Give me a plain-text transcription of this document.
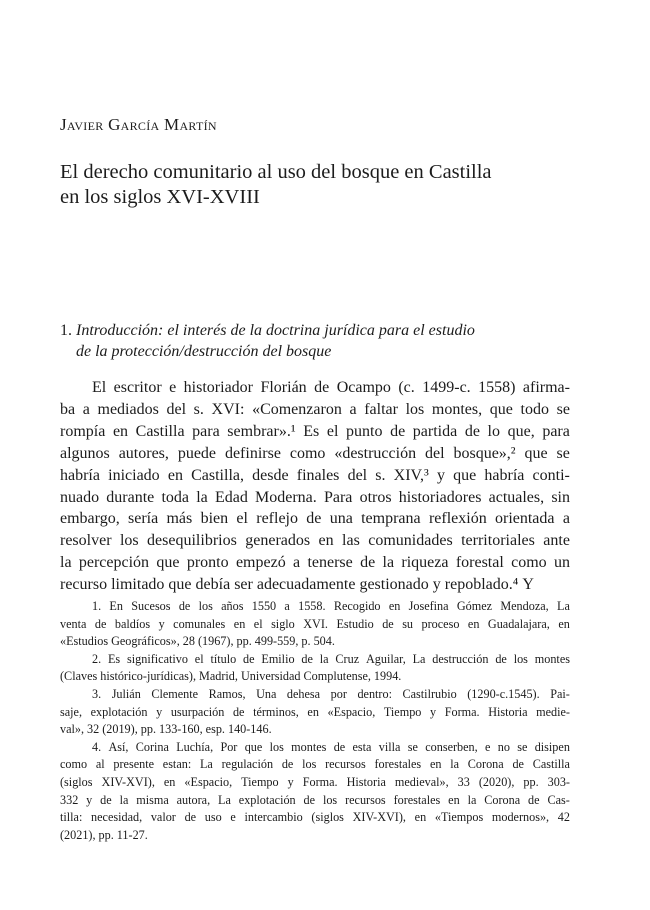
Javier García Martín
El derecho comunitario al uso del bosque en Castilla
en los siglos XVI-XVIII
1. Introducción: el interés de la doctrina jurídica para el estudio
de la protección/destrucción del bosque
El escritor e historiador Florián de Ocampo (c. 1499-c. 1558) afirma-
ba a mediados del s. XVI: «Comenzaron a faltar los montes, que todo se
rompía en Castilla para sembrar».¹ Es el punto de partida de lo que, para
algunos autores, puede definirse como «destrucción del bosque»,² que se
habría iniciado en Castilla, desde finales del s. XIV,³ y que habría conti-
nuado durante toda la Edad Moderna. Para otros historiadores actuales, sin
embargo, sería más bien el reflejo de una temprana reflexión orientada a
resolver los desequilibrios generados en las comunidades territoriales ante
la percepción que pronto empezó a tenerse de la riqueza forestal como un
recurso limitado que debía ser adecuadamente gestionado y repoblado.⁴ Y
1. En Sucesos de los años 1550 a 1558. Recogido en Josefina Gómez Mendoza, La
venta de baldíos y comunales en el siglo XVI. Estudio de su proceso en Guadalajara, en
«Estudios Geográficos», 28 (1967), pp. 499-559, p. 504.
2. Es significativo el título de Emilio de la Cruz Aguilar, La destrucción de los montes
(Claves histórico-jurídicas), Madrid, Universidad Complutense, 1994.
3. Julián Clemente Ramos, Una dehesa por dentro: Castilrubio (1290-c.1545). Pai-
saje, explotación y usurpación de términos, en «Espacio, Tiempo y Forma. Historia medie-
val», 32 (2019), pp. 133-160, esp. 140-146.
4. Así, Corina Luchía, Por que los montes de esta villa se conserben, e no se disipen
como al presente estan: La regulación de los recursos forestales en la Corona de Castilla
(siglos XIV-XVI), en «Espacio, Tiempo y Forma. Historia medieval», 33 (2020), pp. 303-
332 y de la misma autora, La explotación de los recursos forestales en la Corona de Cas-
tilla: necesidad, valor de uso e intercambio (siglos XIV-XVI), en «Tiempos modernos», 42
(2021), pp. 11-27.
